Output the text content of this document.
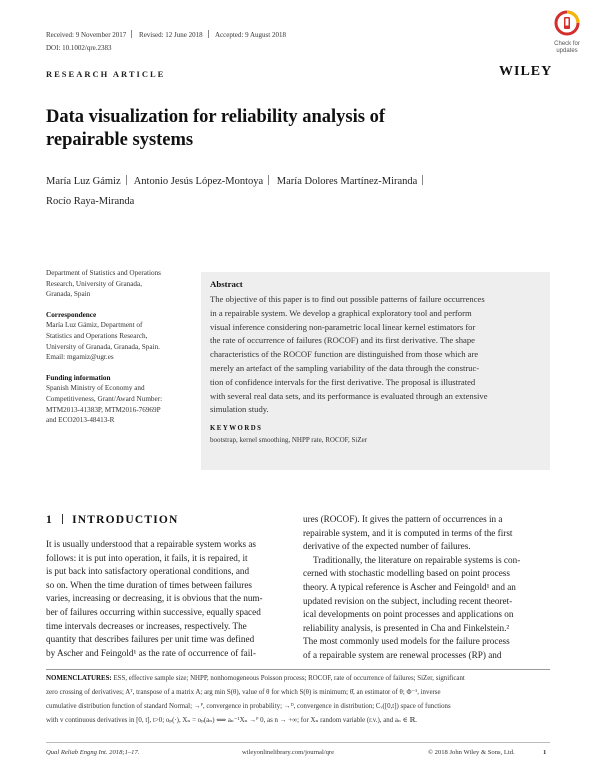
Received: 9 November 2017 Revised: 12 June 2018 Accepted: 9 August 2018
DOI: 10.1002/qre.2383	Check for
updates
RESEARCH ARTICLE	WILEY
Data visualization for reliability analysis of
repairable systems
María Luz Gámiz Antonio Jesús López-Montoya María Dolores Martínez-Miranda
Rocío Raya-Miranda
Department of Statistics and Operations
Research, University of Granada,
Granada, Spain
Correspondence
María Luz Gámiz, Department of
Statistics and Operations Research,
University of Granada, Granada, Spain.
Email: mgamiz@ugr.es
Funding information
Spanish Ministry of Economy and
Competitiveness, Grant/Award Number:
MTM2013-41383P, MTM2016-76969P
and ECO2013-48413-R
Abstract
The objective of this paper is to find out possible patterns of failure occurrences
in a repairable system. We develop a graphical exploratory tool and perform
visual inference considering non-parametric local linear kernel estimators for
the rate of occurrence of failures (ROCOF) and its first derivative. The shape
characteristics of the ROCOF function are distinguished from those which are
merely an artefact of the sampling variability of the data through the construc-
tion of confidence intervals for the first derivative. The proposal is illustrated
with several real data sets, and its performance is evaluated through an extensive
simulation study.
KEYWORDS
bootstrap, kernel smoothing, NHPP rate, ROCOF, SiZer
1 INTRODUCTION
It is usually understood that a repairable system works as
follows: it is put into operation, it fails, it is repaired, it
is put back into satisfactory operational conditions, and
so on. When the time duration of times between failures
varies, increasing or decreasing, it is obvious that the num-
ber of failures occurring within successive, equally spaced
time intervals decreases or increases, respectively. The
quantity that describes failures per unit time was defined
by Ascher and Feingold¹ as the rate of occurrence of fail-
ures (ROCOF). It gives the pattern of occurrences in a
repairable system, and it is computed in terms of the first
derivative of the expected number of failures.
Traditionally, the literature on repairable systems is con-
cerned with stochastic modelling based on point process
theory. A typical reference is Ascher and Feingold¹ and an
updated revision on the subject, including recent theoret-
ical developments on point processes and applications on
reliability analysis, is presented in Cha and Finkelstein.²
The most commonly used models for the failure process
of a repairable system are renewal processes (RP) and
NOMENCLATURES: ESS, effective sample size; NHPP, nonhomogeneous Poisson process; ROCOF, rate of occurrence of failures; SiZer, significant
zero crossing of derivatives; Aᵀ, transpose of a matrix A; arg min S(θ), value of θ for which S(θ) is minimum; θ̂, an estimator of θ; Φ⁻¹, inverse
cumulative distribution function of standard Normal; →ᴾ, convergence in probability; →ᴰ, convergence in distribution; Cᵥ([0,t]) space of functions
with v continuous derivatives in [0, t], t>0; oₚ(·), Xₙ = oₚ(aₙ) ⟺ aₙ⁻¹Xₙ →ᴾ 0, as n → +∞; for Xₙ random variable (r.v.), and aₙ ∈ ℝ.
Qual Reliab Engng Int. 2018;1–17.	wileyonlinelibrary.com/journal/qre	© 2018 John Wiley & Sons, Ltd.	1
